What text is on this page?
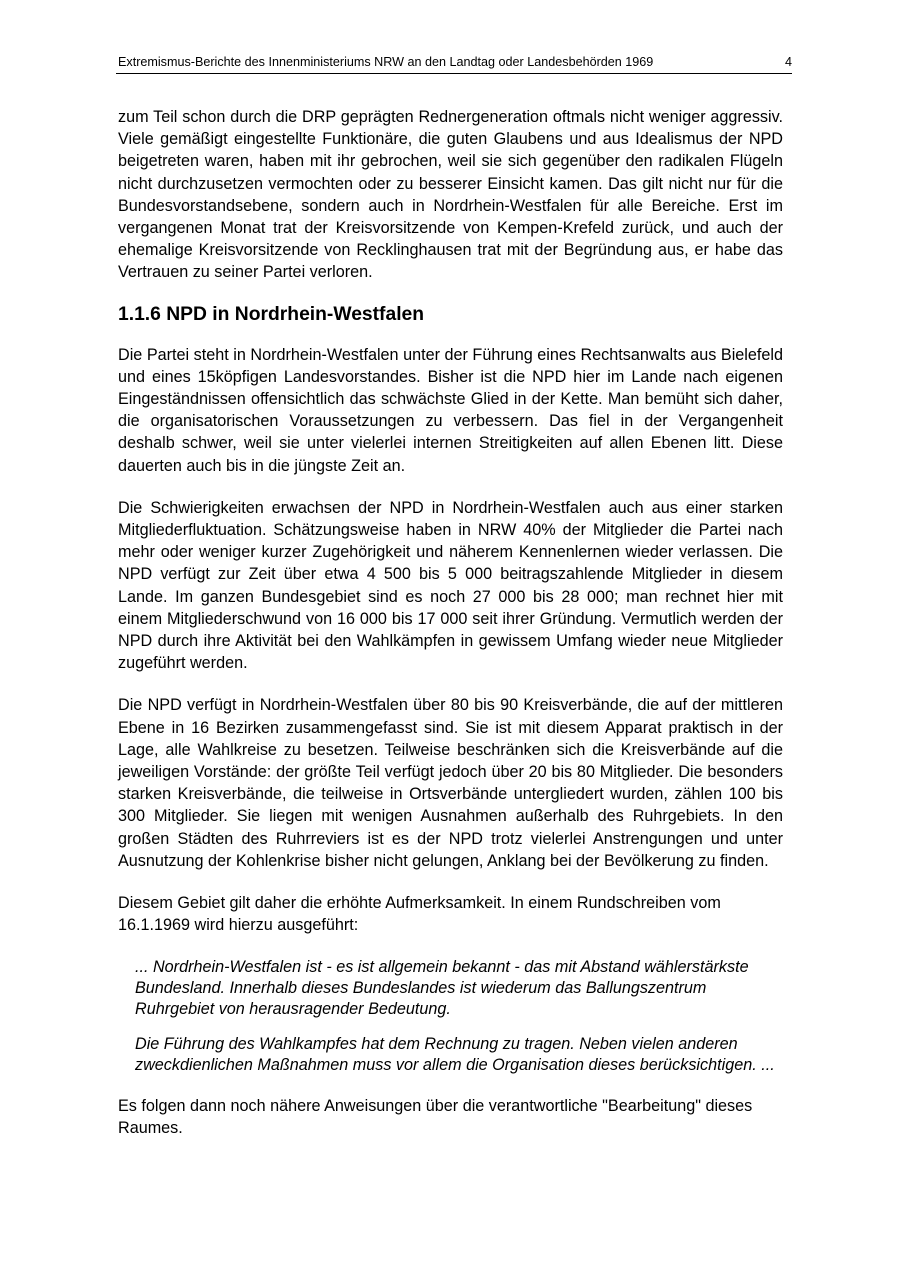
Extremismus-Berichte des Innenministeriums NRW an den Landtag oder Landesbehörden 1969	4

zum Teil schon durch die DRP geprägten Rednergeneration oftmals nicht weniger aggressiv. Viele gemäßigt eingestellte Funktionäre, die guten Glaubens und aus Idealismus der NPD beigetreten waren, haben mit ihr gebrochen, weil sie sich gegenüber den radikalen Flügeln nicht durchzusetzen vermochten oder zu besserer Einsicht kamen. Das gilt nicht nur für die Bundesvorstandsebene, sondern auch in Nordrhein-Westfalen für alle Bereiche. Erst im vergangenen Monat trat der Kreisvorsitzende von Kempen-Krefeld zurück, und auch der ehemalige Kreisvorsitzende von Recklinghausen trat mit der Begründung aus, er habe das Vertrauen zu seiner Partei verloren.

1.1.6 NPD in Nordrhein-Westfalen

Die Partei steht in Nordrhein-Westfalen unter der Führung eines Rechtsanwalts aus Bielefeld und eines 15köpfigen Landesvorstandes. Bisher ist die NPD hier im Lande nach eigenen Eingeständnissen offensichtlich das schwächste Glied in der Kette. Man bemüht sich daher, die organisatorischen Voraussetzungen zu verbessern. Das fiel in der Vergangenheit deshalb schwer, weil sie unter vielerlei internen Streitigkeiten auf allen Ebenen litt. Diese dauerten auch bis in die jüngste Zeit an.

Die Schwierigkeiten erwachsen der NPD in Nordrhein-Westfalen auch aus einer starken Mitgliederfluktuation. Schätzungsweise haben in NRW 40% der Mitglieder die Partei nach mehr oder weniger kurzer Zugehörigkeit und näherem Kennenlernen wieder verlassen. Die NPD verfügt zur Zeit über etwa 4 500 bis 5 000 beitragszahlende Mitglieder in diesem Lande. Im ganzen Bundesgebiet sind es noch 27 000 bis 28 000; man rechnet hier mit einem Mitgliederschwund von 16 000 bis 17 000 seit ihrer Gründung. Vermutlich werden der NPD durch ihre Aktivität bei den Wahlkämpfen in gewissem Umfang wieder neue Mitglieder zugeführt werden.

Die NPD verfügt in Nordrhein-Westfalen über 80 bis 90 Kreisverbände, die auf der mittleren Ebene in 16 Bezirken zusammengefasst sind. Sie ist mit diesem Apparat praktisch in der Lage, alle Wahlkreise zu besetzen. Teilweise beschränken sich die Kreisverbände auf die jeweiligen Vorstände: der größte Teil verfügt jedoch über 20 bis 80 Mitglieder. Die besonders starken Kreisverbände, die teilweise in Ortsverbände untergliedert wurden, zählen 100 bis 300 Mitglieder. Sie liegen mit wenigen Ausnahmen außerhalb des Ruhrgebiets. In den großen Städten des Ruhrreviers ist es der NPD trotz vielerlei Anstrengungen und unter Ausnutzung der Kohlenkrise bisher nicht gelungen, Anklang bei der Bevölkerung zu finden.

Diesem Gebiet gilt daher die erhöhte Aufmerksamkeit. In einem Rundschreiben vom 16.1.1969 wird hierzu ausgeführt:

... Nordrhein-Westfalen ist - es ist allgemein bekannt - das mit Abstand wählerstärkste Bundesland. Innerhalb dieses Bundeslandes ist wiederum das Ballungszentrum Ruhrgebiet von herausragender Bedeutung.

Die Führung des Wahlkampfes hat dem Rechnung zu tragen. Neben vielen anderen zweckdienlichen Maßnahmen muss vor allem die Organisation dieses berücksichtigen. ...

Es folgen dann noch nähere Anweisungen über die verantwortliche "Bearbeitung" dieses Raumes.
